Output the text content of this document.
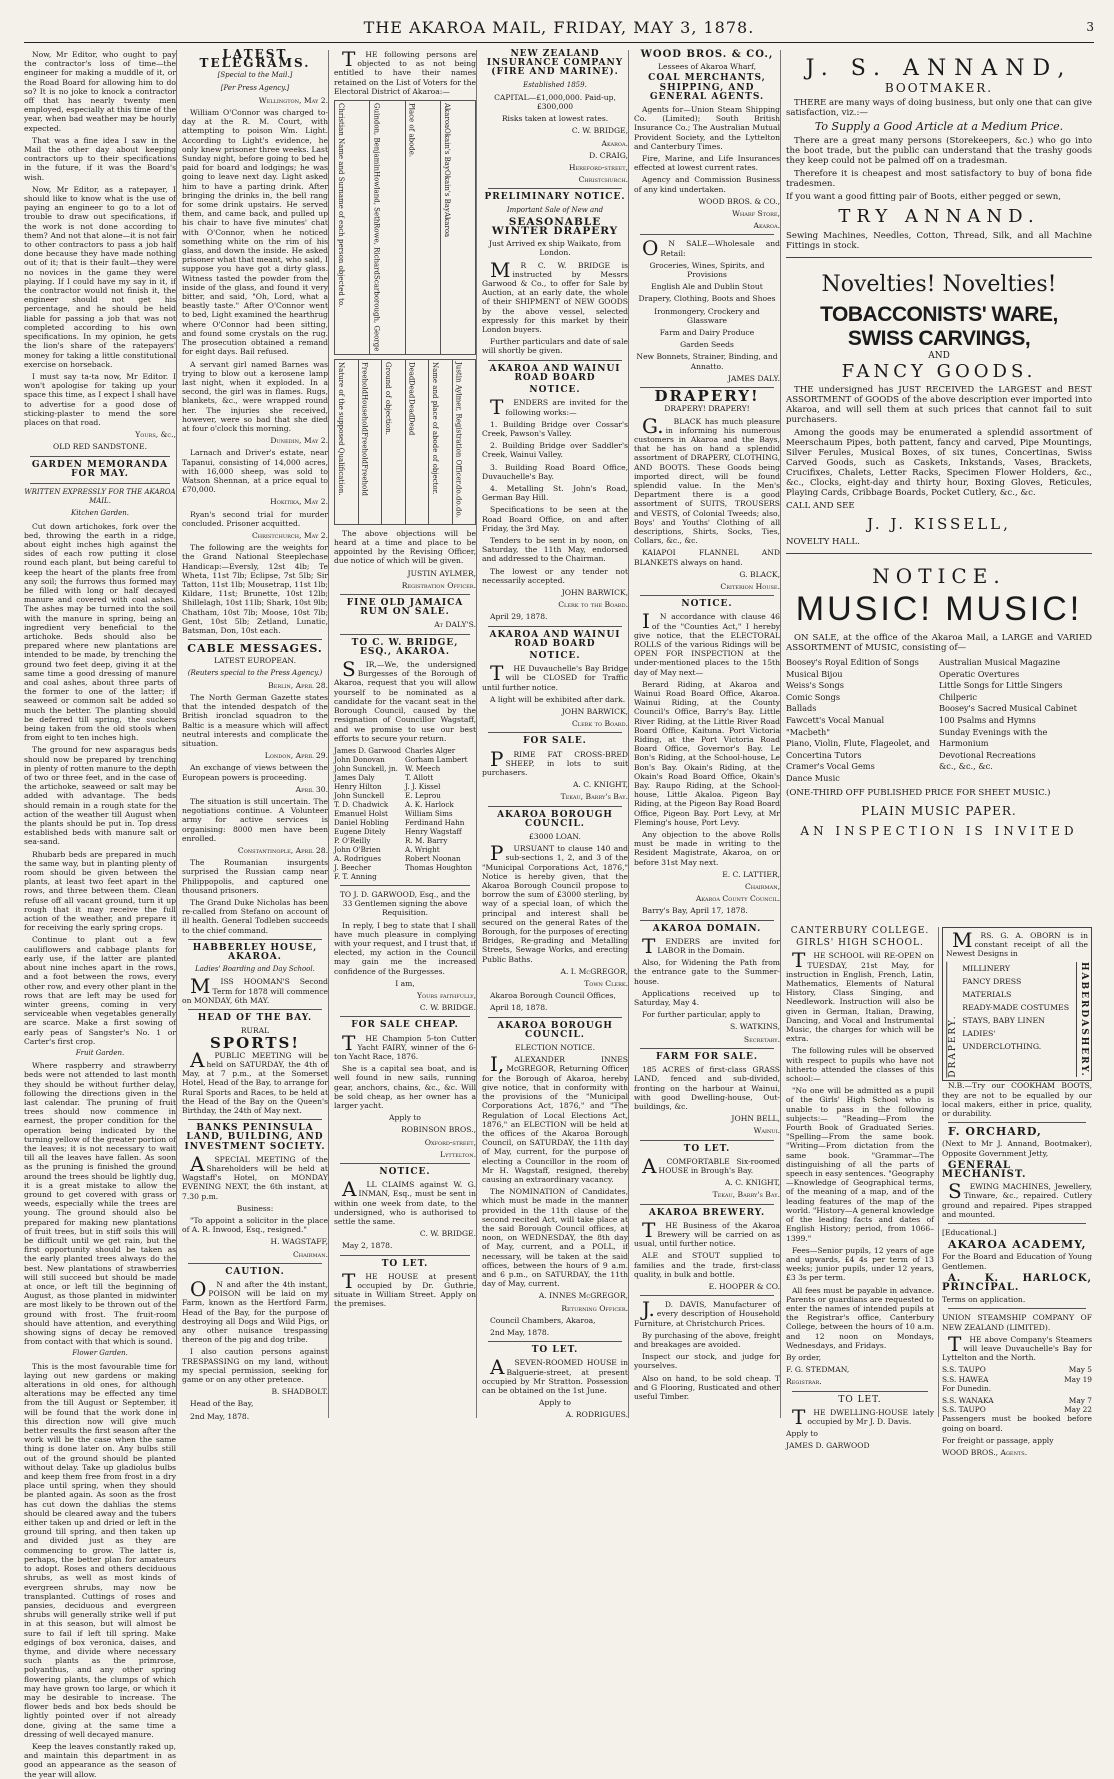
THE AKAROA MAIL, FRIDAY, MAY 3, 1878.	3

Now, Mr Editor, who ought to pay the contractor's loss of time—the engineer for making a muddle of it, or the Road Board for allowing him to do so? It is no joke to knock a contractor off that has nearly twenty men employed, especially at this time of the year, when bad weather may be hourly expected.

That was a fine idea I saw in the Mail the other day about keeping contractors up to their specifications in the future, if it was the Board's wish.

Now, Mr Editor, as a ratepayer, I should like to know what is the use of paying an engineer to go to a lot of trouble to draw out specifications, if the work is not done according to them? And not that alone—it is not fair to other contractors to pass a job half done because they have made nothing out of it; that is their fault—they were no novices in the game they were playing. If I could have my say in it, if the contractor would not finish it, the engineer should not get his percentage, and he should be held liable for passing a job that was not completed according to his own specifications. In my opinion, he gets the lion's share of the ratepayers' money for taking a little constitutional exercise on horseback.

I must say ta-ta now, Mr Editor. I won't apologise for taking up your space this time, as I expect I shall have to advertise for a good dose of sticking-plaster to mend the sore places on that road.

Yours, &c.,

OLD RED SANDSTONE.

GARDEN MEMORANDA FOR MAY.

WRITTEN EXPRESSLY FOR THE AKAROA MAIL.

Kitchen Garden.

Cut down artichokes, fork over the bed, throwing the earth in a ridge, about eight inches high against the sides of each row putting it close round each plant, but being careful to keep the heart of the plants free from any soil; the furrows thus formed may be filled with long or half decayed manure and covered with coal ashes. The ashes may be turned into the soil with the manure in spring, being an ingredient very beneficial to the artichoke. Beds should also be prepared where new plantations are intended to be made, by trenching the ground two feet deep, giving it at the same time a good dressing of manure and coal ashes, about three parts of the former to one of the latter; if seaweed or common salt be added so much the better. The planting should be deferred till spring, the suckers being taken from the old stools when from eight to ten inches high.

The ground for new asparagus beds should now be prepared by trenching in plenty of rotten manure to the depth of two or three feet, and in the case of the artichoke, seaweed or salt may be added with advantage. The beds should remain in a rough state for the action of the weather till August when the plants should be put in. Top dress established beds with manure salt or sea-sand.

Rhubarb beds are prepared in much the same way, but in planting plenty of room should be given between the plants, at least two feet apart in the rows, and three between them. Clean refuse off all vacant ground, turn it up rough that it may receive the full action of the weather, and prepare it for receiving the early spring crops.

Continue to plant out a few cauliflowers and cabbage plants for early use, if the latter are planted about nine inches apart in the rows, and a foot between the rows, every other row, and every other plant in the rows that are left may be used for winter greens, coming in very serviceable when vegetables generally are scarce. Make a first sowing of early peas of Sangster's No. 1 or Carter's first crop.

Fruit Garden.

Where raspberry and strawberry beds were not attended to last month they should be without further delay, following the directions given in the last calendar. The pruning of fruit trees should now commence in earnest, the proper condition for the operation being indicated by the turning yellow of the greater portion of the leaves; it is not necessary to wait till all the leaves have fallen. As soon as the pruning is finished the ground around the trees should be lightly dug, it is a great mistake to allow the ground to get covered with grass or weeds, especially while the trees are young. The ground should also be prepared for making new plantations of fruit trees, but in stiff soils this will be difficult until we get rain, but the first opportunity should be taken as the early planted trees always do the best. New plantations of strawberries will still succeed but should be made at once, or left till the beginning of August, as those planted in midwinter are most likely to be thrown out of the ground with frost. The fruit-room should have attention, and everything showing signs of decay be removed from contact with that which is sound.

Flower Garden.

This is the most favourable time for laying out new gardens or making alterations in old ones, for although alterations may be effected any time from the till August or September, it will be found that the work done in this direction now will give much better results the first season after the work will be the case when the same thing is done later on. Any bulbs still out of the ground should be planted without delay. Take up gladiolus bulbs and keep them free from frost in a dry place until spring, when they should be planted again. As soon as the frost has cut down the dahlias the stems should be cleared away and the tubers either taken up and dried or left in the ground till spring, and then taken up and divided just as they are commencing to grow. The latter is, perhaps, the better plan for amateurs to adopt. Roses and others deciduous shrubs, as well as most kinds of evergreen shrubs, may now be transplanted. Cuttings of roses and pansies, deciduous and evergreen shrubs will generally strike well if put in at this season, but will almost be sure to fail if left till spring. Make edgings of box veronica, daises, and thyme, and divide where necessary such plants as the primrose, polyanthus, and any other spring flowering plants, the clumps of which may have grown too large, or which it may be desirable to increase. The flower beds and box beds should be lightly pointed over if not already done, giving at the same time a dressing of well decayed manure.

Keep the leaves constantly raked up, and maintain this department in as good an appearance as the season of the year will allow.

LATEST TELEGRAMS.

[Special to the Mail.]

[Per Press Agency.]

Wellington, May 2.

William O'Connor was charged to-day at the R. M. Court, with attempting to poison Wm. Light. According to Light's evidence, he only knew prisoner three weeks. Last Sunday night, before going to bed he paid for board and lodgings; he was going to leave next day. Light asked him to have a parting drink. After bringing the drinks in, the bell rang for some drink upstairs. He served them, and came back, and pulled up his chair to have five minutes' chat with O'Connor, when he noticed something white on the rim of his glass, and down the inside. He asked prisoner what that meant, who said, I suppose you have got a dirty glass. Witness tasted the powder from the inside of the glass, and found it very bitter, and said, "Oh, Lord, what a beastly taste." After O'Connor went to bed, Light examined the hearthrug where O'Connor had been sitting, and found some crystals on the rug. The prosecution obtained a remand for eight days. Bail refused.

A servant girl named Barnes was trying to blow out a kerosene lamp last night, when it exploded. In a second, the girl was in flames. Rugs, blankets, &c., were wrapped round her. The injuries she received, however, were so bad that she died at four o'clock this morning.

Dunedin, May 2.

Larnach and Driver's estate, near Tapanui, consisting of 14,000 acres, with 16,000 sheep, was sold to Watson Shennan, at a price equal to £70,000.

Hokitika, May 2.

Ryan's second trial for murder concluded. Prisoner acquitted.

Christchurch, May 2.

The following are the weights for the Grand National Steeplechase Handicap:—Eversly, 12st 4lb; Te Wheta, 11st 7lb; Eclipse, 7st 5lb; Sir Tatton, 11st 1lb; Mousetrap, 11st 1lb; Kildare, 11st; Brunette, 10st 12lb; Shillelagh, 10st 11lb; Shark, 10st 9lb; Chatham, 10st 7lb; Moose, 10st 7lb; Gent, 10st 5lb; Zetland, Lunatic, Batsman, Don, 10st each.

CABLE MESSAGES.

LATEST EUROPEAN.

(Reuters special to the Press Agency.)

Berlin, April 28.

The North German Gazette states that the intended despatch of the British ironclad squadron to the Baltic is a measure which will affect neutral interests and complicate the situation.

London, April 29.

An exchange of views between the European powers is proceeding.

April 30.

The situation is still uncertain. The negotiations continue. A Volunteer army for active services is organising: 8000 men have been enrolled.

Constantinople, April 28.

The Roumanian insurgents surprised the Russian camp near Philippopolis, and captured one thousand prisoners.

The Grand Duke Nicholas has been re-called from Stefano on account of ill health. General Todleben succeeds to the chief command.

HABBERLEY HOUSE, AKAROA.

Ladies' Boarding and Day School.

MISS HOOMAN'S Second Term for 1878 will commence on MONDAY, 6th MAY.

HEAD OF THE BAY.

RURAL

SPORTS!

APUBLIC MEETING will be held on SATURDAY, the 4th of May, at 7 p.m., at the Somerset Hotel, Head of the Bay, to arrange for Rural Sports and Races, to be held at the Head of the Bay on the Queen's Birthday, the 24th of May next.

BANKS PENINSULA LAND, BUILDING, AND INVESTMENT SOCIETY.

ASPECIAL MEETING of the Shareholders will be held at Wagstaff's Hotel, on MONDAY EVENING NEXT, the 6th instant, at 7.30 p.m.

Business:

"To appoint a solicitor in the place of A. R. Inwood, Esq., resigned."

H. WAGSTAFF,

Chairman.

CAUTION.

ON and after the 4th instant, POISON will be laid on my Farm, known as the Hertford Farm, Head of the Bay, for the purpose of destroying all Dogs and Wild Pigs, or any other nuisance trespassing thereon of the pig and dog tribe.

I also caution persons against TRESPASSING on my land, without my special permission, seeking for game or on any other pretence.

B. SHADBOLT.

Head of the Bay,

2nd May, 1878.

THE following persons are objected to as not being entitled to have their names retained on the List of Voters for the Electoral District of Akaroa:—

Christian Name and Surname of each person objected to.	Guindon, Benjamin
Howland, Seth
Rowe, Richard
Scarborough, George

Place of abode.	Akaroa
Okain's Bay
Okain's Bay
Akaroa
Nature of the supposed Qualification.	Freehold
Household
Freehold
Freehold

Ground of objection.	Dead
Dead
Dead
Dead	Name and place of abode of objector.	Justin Aylmer, Registration Officer.
do.
do.
do.

The above objections will be heard at a time and place to be appointed by the Revising Officer, due notice of which will be given.

JUSTIN AYLMER,

Registration Officer.

FINE OLD JAMAICA RUM ON SALE.

At DALY'S.

TO C. W. BRIDGE, ESQ., AKAROA.

SIR,—We, the undersigned Burgesses of the Borough of Akaroa, request that you will allow yourself to be nominated as a candidate for the vacant seat in the Borough Council, caused by the resignation of Councillor Wagstaff, and we promise to use our best efforts to secure your return.

James D. Garwood
John Donovan
John Sunckell, jn.
James Daly
Henry Hilton
John Sunckell
T. D. Chadwick
Emanuel Holst
Daniel Hobling
Eugene Ditely
P. O'Reilly
John O'Brien
A. Rodrigues
J. Beecher
F. T. Anning
Charles Alger
Gorham Lambert
W. Meech
T. Allott
J. J. Kissel
E. Leprou
A. K. Harlock
William Sims
Ferdinand Hahn
Henry Wagstaff
R. M. Barry
A. Wright
Robert Noonan
Thomas Houghton

TO J. D. GARWOOD, Esq., and the 33 Gentlemen signing the above Requisition.

In reply, I beg to state that I shall have much pleasure in complying with your request, and I trust that, if elected, my action in the Council may gain me the increased confidence of the Burgesses.

I am,

Yours faithfully,

C. W. BRIDGE.

FOR SALE CHEAP.

THE Champion 5-ton Cutter Yacht FAIRY, winner of the 6-ton Yacht Race, 1876.

She is a capital sea boat, and is well found in new sails, running gear, anchors, chains, &c., &c. Will be sold cheap, as her owner has a larger yacht.

Apply to

ROBINSON BROS.,

Oxford-street,

Lyttelton.

NOTICE.

ALL CLAIMS against W. G. INMAN, Esq., must be sent in within one week from date, to the undersigned, who is authorised to settle the same.

C. W. BRIDGE.

May 2, 1878.

TO LET.

THE HOUSE at present occupied by Dr. Guthrie, situate in William Street. Apply on the premises.

NEW ZEALAND INSURANCE COMPANY (FIRE AND MARINE).

Established 1859.

CAPITAL—£1,000,000. Paid-up, £300,000

Risks taken at lowest rates.

C. W. BRIDGE,

Akaroa.

D. CRAIG,

Hereford-street,

Christchurch.

PRELIMINARY NOTICE.

Important Sale of New and

SEASONABLE WINTER DRAPERY

Just Arrived ex ship Waikato, from London.

MR C. W. BRIDGE is instructed by Messrs Garwood & Co., to offer for Sale by Auction, at an early date, the whole of their SHIPMENT of NEW GOODS by the above vessel, selected expressly for this market by their London buyers.

Further particulars and date of sale will shortly be given.

AKAROA AND WAINUI ROAD BOARD

NOTICE.

TENDERS are invited for the following works:—

1. Building Bridge over Cossar's Creek, Pawson's Valley.

2. Building Bridge over Saddler's Creek, Wainui Valley.

3. Building Road Board Office, Duvauchelle's Bay.

4. Metalling St. John's Road, German Bay Hill.

Specifications to be seen at the Road Board Office, on and after Friday, the 3rd May.

Tenders to be sent in by noon, on Saturday, the 11th May, endorsed and addressed to the Chairman.

The lowest or any tender not necessarily accepted.

JOHN BARWICK,

Clerk to the Board.

April 29, 1878.

AKAROA AND WAINUI ROAD BOARD

NOTICE.

THE Duvauchelle's Bay Bridge will be CLOSED for Traffic until further notice.

A light will be exhibited after dark.

JOHN BARWICK,

Clerk to Board.

FOR SALE.

PRIME FAT CROSS-BRED SHEEP, in lots to suit purchasers.

A. C. KNIGHT,

Tekau, Barry's Bay.

AKAROA BOROUGH COUNCIL.

£3000 LOAN.

PURSUANT to clause 140 and sub-sections 1, 2, and 3 of the "Municipal Corporations Act, 1876," Notice is hereby given, that the Akaroa Borough Council propose to borrow the sum of £3000 sterling, by way of a special loan, of which the principal and interest shall be secured on the general Rates of the Borough, for the purposes of erecting Bridges, Re-grading and Metalling Streets, Sewage Works, and erecting Public Baths.

A. I. McGREGOR,

Town Clerk.

Akaroa Borough Council Offices,

April 18, 1878.

AKAROA BOROUGH COUNCIL.

ELECTION NOTICE.

I,ALEXANDER INNES McGREGOR, Returning Officer for the Borough of Akaroa, hereby give notice, that in conformity with the provisions of the "Municipal Corporations Act, 1876," and "The Regulation of Local Elections Act, 1876," an ELECTION will be held at the offices of the Akaroa Borough Council, on SATURDAY, the 11th day of May, current, for the purpose of electing a Councillor in the room of Mr H. Wagstaff, resigned, thereby causing an extraordinary vacancy.

The NOMINATION of Candidates, which must be made in the manner provided in the 11th clause of the second recited Act, will take place at the said Borough Council offices, at noon, on WEDNESDAY, the 8th day of May, current, and a POLL, if necessary, will be taken at the said offices, between the hours of 9 a.m. and 6 p.m., on SATURDAY, the 11th day of May, current.

A. INNES McGREGOR,

Returning Officer.

Council Chambers, Akaroa,

2nd May, 1878.

TO LET.

ASEVEN-ROOMED HOUSE in Balguerie-street, at present occupied by Mr Stratton. Possession can be obtained on the 1st June.

Apply to

A. RODRIGUES.

WOOD BROS. & CO.,

Lessees of Akaroa Wharf,

COAL MERCHANTS, SHIPPING, AND GENERAL AGENTS.

Agents for—Union Steam Shipping Co. (Limited); South British Insurance Co.; The Australian Mutual Provident Society, and the Lyttelton and Canterbury Times.

Fire, Marine, and Life Insurances effected at lowest current rates.

Agency and Commission Business of any kind undertaken.

WOOD BROS. & CO.,

Wharf Store,

Akaroa.

ON SALE—Wholesale and Retail:

Groceries, Wines, Spirits, and Provisions

English Ale and Dublin Stout

Drapery, Clothing, Boots and Shoes

Ironmongery, Crockery and Glassware

Farm and Dairy Produce

Garden Seeds

New Bonnets, Strainer, Binding, and Annatto.

JAMES DALY.

DRAPERY!

DRAPERY! DRAPERY!

G.BLACK has much pleasure in informing his numerous customers in Akaroa and the Bays, that he has on hand a splendid assortment of DRAPERY, CLOTHING, AND BOOTS. These Goods being imported direct, will be found splendid value. In the Men's Department there is a good assortment of SUITS, TROUSERS and VESTS, of Colonial Tweeds; also, Boys' and Youths' Clothing of all descriptions, Shirts, Socks, Ties, Collars, &c., &c.

KAIAPOI FLANNEL AND BLANKETS always on hand.

G. BLACK,

Criterion House.

NOTICE.

IN accordance with clause 46 of the "Counties Act," I hereby give notice, that the ELECTORAL ROLLS of the various Ridings will be OPEN FOR INSPECTION at the under-mentioned places to the 15th day of May next—

Berard Riding, at Akaroa and Wainui Road Board Office, Akaroa. Wainui Riding, at the County Council's Office, Barry's Bay. Little River Riding, at the Little River Road Board Office, Kaituna. Port Victoria Riding, at the Port Victoria Road Board Office, Governor's Bay. Le Bon's Riding, at the School-house, Le Bon's Bay. Okain's Riding, at the Okain's Road Board Office, Okain's Bay. Raupo Riding, at the School-house, Little Akaloa. Pigeon Bay Riding, at the Pigeon Bay Road Board Office, Pigeon Bay. Port Levy, at Mr Fleming's house, Port Levy.

Any objection to the above Rolls must be made in writing to the Resident Magistrate, Akaroa, on or before 31st May next.

E. C. LATTIER,

Chairman,

Akaroa County Council.

Barry's Bay, April 17, 1878.

AKAROA DOMAIN.

TENDERS are invited for LABOR in the Domain.

Also, for Widening the Path from the entrance gate to the Summer-house.

Applications received up to Saturday, May 4.

For further particular, apply to

S. WATKINS,

Secretary.

FARM FOR SALE.

185 ACRES of first-class GRASS LAND, fenced and sub-divided, fronting on the harbour at Wainui, with good Dwelling-house, Out-buildings, &c.

JOHN BELL,

Wainui.

TO LET.

ACOMFORTABLE Six-roomed HOUSE in Brough's Bay.

A. C. KNIGHT,

Tekau, Barry's Bay.

AKAROA BREWERY.

THE Business of the Akaroa Brewery will be carried on as usual, until further notice.

ALE and STOUT supplied to families and the trade, first-class quality, in bulk and bottle.

E. HOOPER & CO.

J.D. DAVIS, Manufacturer of every description of Household Furniture, at Christchurch Prices.

By purchasing of the above, freight and breakages are avoided.

Inspect our stock, and judge for yourselves.

Also on hand, to be sold cheap. T and G Flooring, Rusticated and other useful Timber.

J. S. ANNAND,
BOOTMAKER.

THERE are many ways of doing business, but only one that can give satisfaction, viz.:—

To Supply a Good Article at a Medium Price.

There are a great many persons (Storekeepers, &c.) who go into the boot trade, but the public can understand that the trashy goods they keep could not be palmed off on a tradesman.

Therefore it is cheapest and most satisfactory to buy of bona fide tradesmen.

If you want a good fitting pair of Boots, either pegged or sewn,

TRY ANNAND.

Sewing Machines, Needles, Cotton, Thread, Silk, and all Machine Fittings in stock.

Novelties! Novelties!
TOBACCONISTS' WARE, SWISS CARVINGS,
AND
FANCY GOODS.

THE undersigned has JUST RECEIVED the LARGEST and BEST ASSORTMENT of GOODS of the above description ever imported into Akaroa, and will sell them at such prices that cannot fail to suit purchasers.

Among the goods may be enumerated a splendid assortment of Meerschaum Pipes, both pattent, fancy and carved, Pipe Mountings, Silver Ferules, Musical Boxes, of six tunes, Concertinas, Swiss Carved Goods, such as Caskets, Inkstands, Vases, Brackets, Crucifixes, Chalets, Letter Racks, Specimen Flower Holders, &c., &c., Clocks, eight-day and thirty hour, Boxing Gloves, Reticules, Playing Cards, Cribbage Boards, Pocket Cutlery, &c., &c.

CALL AND SEE

J. J. KISSELL,

NOVELTY HALL.

NOTICE.
MUSIC! MUSIC!

ON SALE, at the office of the Akaroa Mail, a LARGE and VARIED ASSORTMENT of MUSIC, consisting of—

Boosey's Royal Edition of Songs
Musical Bijou
Weiss's Songs
Comic Songs
Ballads
Fawcett's Vocal Manual
"Macbeth"
Piano, Violin, Flute, Flageolet, and Concertina Tutors
Cramer's Vocal Gems
Dance Music
Australian Musical Magazine
Operatic Overtures
Little Songs for Little Singers
Chilperic
Boosey's Sacred Musical Cabinet
100 Psalms and Hymns
Sunday Evenings with the Harmonium
Devotional Recreations
&c., &c., &c.

(ONE-THIRD OFF PUBLISHED PRICE FOR SHEET MUSIC.)

PLAIN MUSIC PAPER.
AN INSPECTION IS INVITED

CANTERBURY COLLEGE.

GIRLS' HIGH SCHOOL.

THE SCHOOL will RE-OPEN on TUESDAY, 21st May, for instruction in English, French, Latin, Mathematics, Elements of Natural History, Class Singing, and Needlework. Instruction will also be given in German, Italian, Drawing, Dancing, and Vocal and Instrumental Music, the charges for which will be extra.

The following rules will be observed with respect to pupils who have not hitherto attended the classes of this school:—

"No one will be admitted as a pupil of the Girls' High School who is unable to pass in the following subjects:— "Reading—From the Fourth Book of Graduated Series. "Spelling—From the same book. "Writing—From dictation from the same book. "Grammar—The distinguishing of all the parts of speech in easy sentences. "Geography—Knowledge of Geographical terms, of the meaning of a map, and of the leading features of the map of the world. "History—A general knowledge of the leading facts and dates of English History; period, from 1066–1399."

Fees—Senior pupils, 12 years of age and upwards, £4 4s per term of 13 weeks; junior pupils, under 12 years, £3 3s per term.

All fees must be payable in advance. Parents or guardians are requested to enter the names of intended pupils at the Registrar's office, Canterbury College, between the hours of 10 a.m. and 12 noon on Mondays, Wednesdays, and Fridays.

By order,

F. G. STEDMAN,

Registrar.

TO LET.

THE DWELLING-HOUSE lately occupied by Mr J. D. Davis.

Apply to

JAMES D. GARWOOD

MRS. G. A. OBORN is in constant receipt of all the Newest Designs in

DRAPERY.
MILLINERY
FANCY DRESS MATERIALS
READY-MADE COSTUMES
STAYS, BABY LINEN
LADIES' UNDERCLOTHING.	HABERDASHERY.

N.B.—Try our COOKHAM BOOTS, they are not to be equalled by our local makers, either in price, quality, or durability.

F. ORCHARD,

(Next to Mr J. Annand, Bootmaker), Opposite Government Jetty,

GENERAL MECHANIST.

SEWING MACHINES, Jewellery, Tinware, &c., repaired. Cutlery ground and repaired. Pipes strapped and mounted.

[Educational.]

AKAROA ACADEMY,

For the Board and Education of Young Gentlemen.

A. K. HARLOCK, PRINCIPAL.

Terms on application.

UNION STEAMSHIP COMPANY OF NEW ZEALAND (LIMITED).

THE above Company's Steamers will leave Duvauchelle's Bay for Lyttelton and the North.

S.S. TAUPO	May 5
S.S. HAWEA	May 19

For Dunedin.

S.S. WANAKA	May 7
S.S. TAUPO	May 22

Passengers must be booked before going on board.

For freight or passage, apply

WOOD BROS., Agents.
